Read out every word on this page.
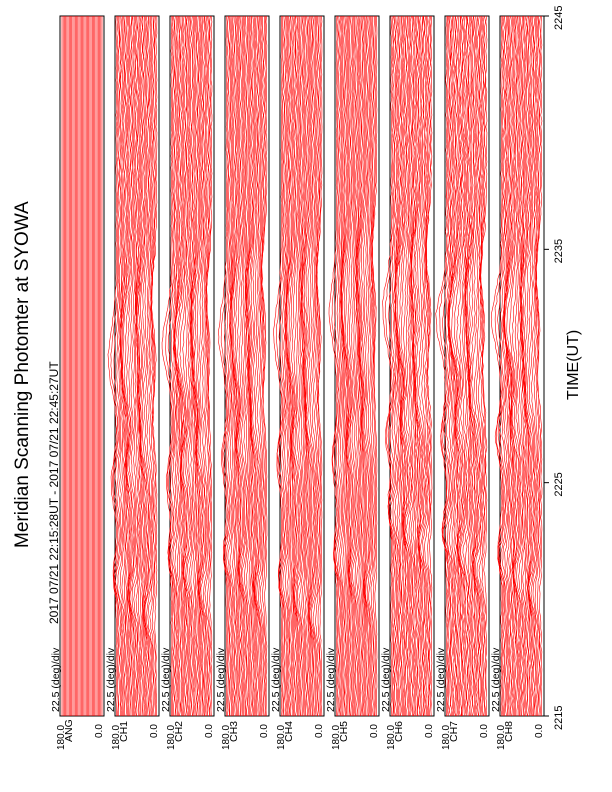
Meridian Scanning Photomter at SYOWA 2017 07/21 22:15:28UT - 2017 07/21 22:45:27UT	TIME(UT)
22.5 (deg)/div
ANG
180.0	0.0
22.5 (deg)/div
CH1
180.0	0.0
22.5 (deg)/div
CH2
180.0	0.0
22.5 (deg)/div
CH3
180.0	0.0
22.5 (deg)/div
CH4
180.0	0.0
22.5 (deg)/div
CH5
180.0	0.0
22.5 (deg)/div
CH6
180.0	0.0
22.5 (deg)/div
CH7
180.0	0.0
22.5 (deg)/div
CH8
180.0	0.0
2215
2225
2235
2245
